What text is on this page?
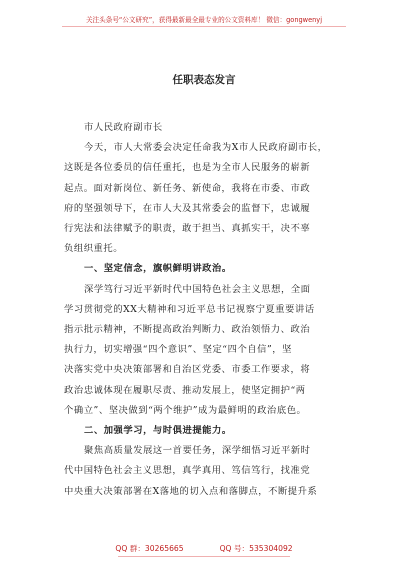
关注头条号“公文研究”，获得最新最全最专业的公文资料库！ 微信：gongwenyj
任职表态发言

市人民政府副市长

今天，市人大常委会决定任命我为X市人民政府副市长，

这既是各位委员的信任重托，也是为全市人民服务的崭新

起点。面对新岗位、新任务、新使命，我将在市委、市政

府的坚强领导下，在市人大及其常委会的监督下，忠诚履

行宪法和法律赋予的职责，敢于担当、真抓实干，决不辜

负组织重托。

一、坚定信念，旗帜鲜明讲政治。

深学笃行习近平新时代中国特色社会主义思想，全面

学习贯彻党的XX大精神和习近平总书记视察宁夏重要讲话

指示批示精神，不断提高政治判断力、政治领悟力、政治

执行力，切实增强“四个意识”、坚定“四个自信”，坚

决落实党中央决策部署和自治区党委、市委工作要求，将

政治忠诚体现在履职尽责、推动发展上，使坚定拥护“两

个确立”、坚决做到“两个维护”成为最鲜明的政治底色。

二、加强学习，与时俱进提能力。

聚焦高质量发展这一首要任务，深学细悟习近平新时

代中国特色社会主义思想，真学真用、笃信笃行，找准党

中央重大决策部署在X落地的切入点和落脚点，不断提升系

QQ 群：30265665	QQ 号：535304092
